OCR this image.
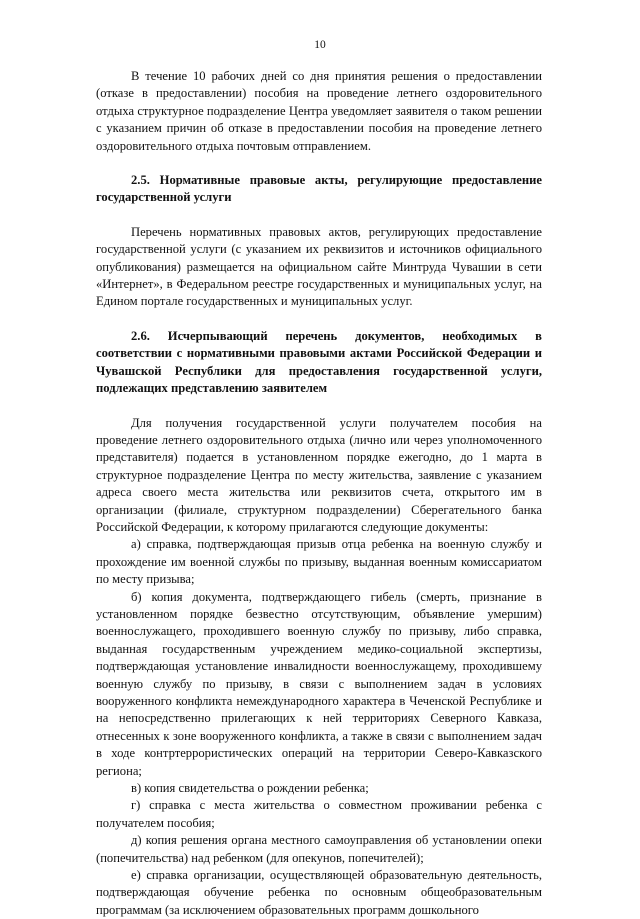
10

В течение 10 рабочих дней со дня принятия решения о предоставлении (отказе в предоставлении) пособия на проведение летнего оздоровительного отдыха структурное подразделение Центра уведомляет заявителя о таком решении с указанием причин об отказе в предоставлении пособия на проведение летнего оздоровительного отдыха почтовым отправлением.

2.5. Нормативные правовые акты, регулирующие предоставление государственной услуги

Перечень нормативных правовых актов, регулирующих предоставление государственной услуги (с указанием их реквизитов и источников официального опубликования) размещается на официальном сайте Минтруда Чувашии в сети «Интернет», в Федеральном реестре государственных и муниципальных услуг, на Едином портале государственных и муниципальных услуг.

2.6. Исчерпывающий перечень документов, необходимых в соответствии с нормативными правовыми актами Российской Федерации и Чувашской Республики для предоставления государственной услуги, подлежащих представлению заявителем

Для получения государственной услуги получателем пособия на проведение летнего оздоровительного отдыха (лично или через уполномоченного представителя) подается в установленном порядке ежегодно, до 1 марта в структурное подразделение Центра по месту жительства, заявление с указанием адреса своего места жительства или реквизитов счета, открытого им в организации (филиале, структурном подразделении) Сберегательного банка Российской Федерации, к которому прилагаются следующие документы:

а) справка, подтверждающая призыв отца ребенка на военную службу и прохождение им военной службы по призыву, выданная военным комиссариатом по месту призыва;

б) копия документа, подтверждающего гибель (смерть, признание в установленном порядке безвестно отсутствующим, объявление умершим) военнослужащего, проходившего военную службу по призыву, либо справка, выданная государственным учреждением медико-социальной экспертизы, подтверждающая установление инвалидности военнослужащему, проходившему военную службу по призыву, в связи с выполнением задач в условиях вооруженного конфликта немеждународного характера в Чеченской Республике и на непосредственно прилегающих к ней территориях Северного Кавказа, отнесенных к зоне вооруженного конфликта, а также в связи с выполнением задач в ходе контртеррористических операций на территории Северо-Кавказского региона;

в) копия свидетельства о рождении ребенка;

г) справка с места жительства о совместном проживании ребенка с получателем пособия;

д) копия решения органа местного самоуправления об установлении опеки (попечительства) над ребенком (для опекунов, попечителей);

е) справка организации, осуществляющей образовательную деятельность, подтверждающая обучение ребенка по основным общеобразовательным программам (за исключением образовательных программ дошкольного
